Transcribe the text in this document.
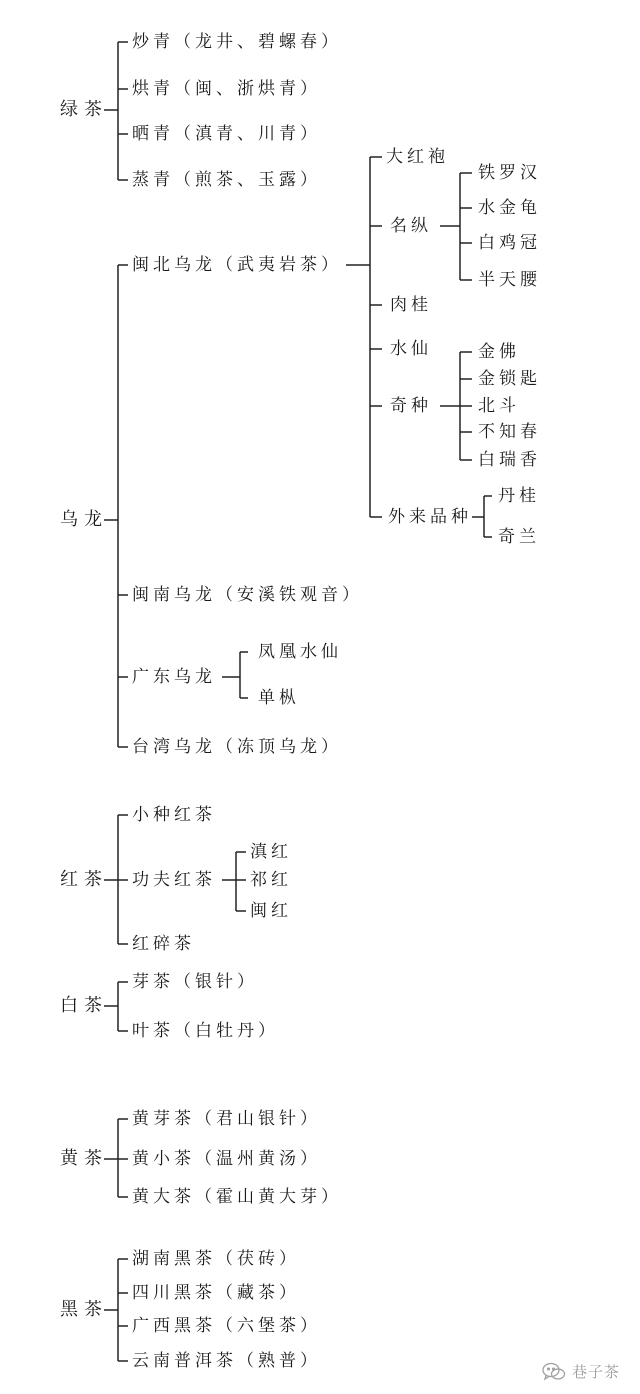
绿茶
炒青（龙井、碧螺春）
烘青（闽、浙烘青）
晒青（滇青、川青）
蒸青（煎茶、玉露）
乌龙
闽北乌龙（武夷岩茶）
大红袍
名纵
铁罗汉
水金龟
白鸡冠
半天腰
肉桂
水仙
奇种
金佛
金锁匙
北斗
不知春
白瑞香
外来品种
丹桂
奇兰
闽南乌龙（安溪铁观音）
广东乌龙
凤凰水仙
单枞
台湾乌龙（冻顶乌龙）
红茶
小种红茶
功夫红茶
滇红
祁红
闽红
红碎茶
白茶
芽茶（银针）
叶茶（白牡丹）
黄茶
黄芽茶（君山银针）
黄小茶（温州黄汤）
黄大茶（霍山黄大芽）
黑茶
湖南黑茶（茯砖）
四川黑茶（藏茶）
广西黑茶（六堡茶）
云南普洱茶（熟普）
巷子茶
